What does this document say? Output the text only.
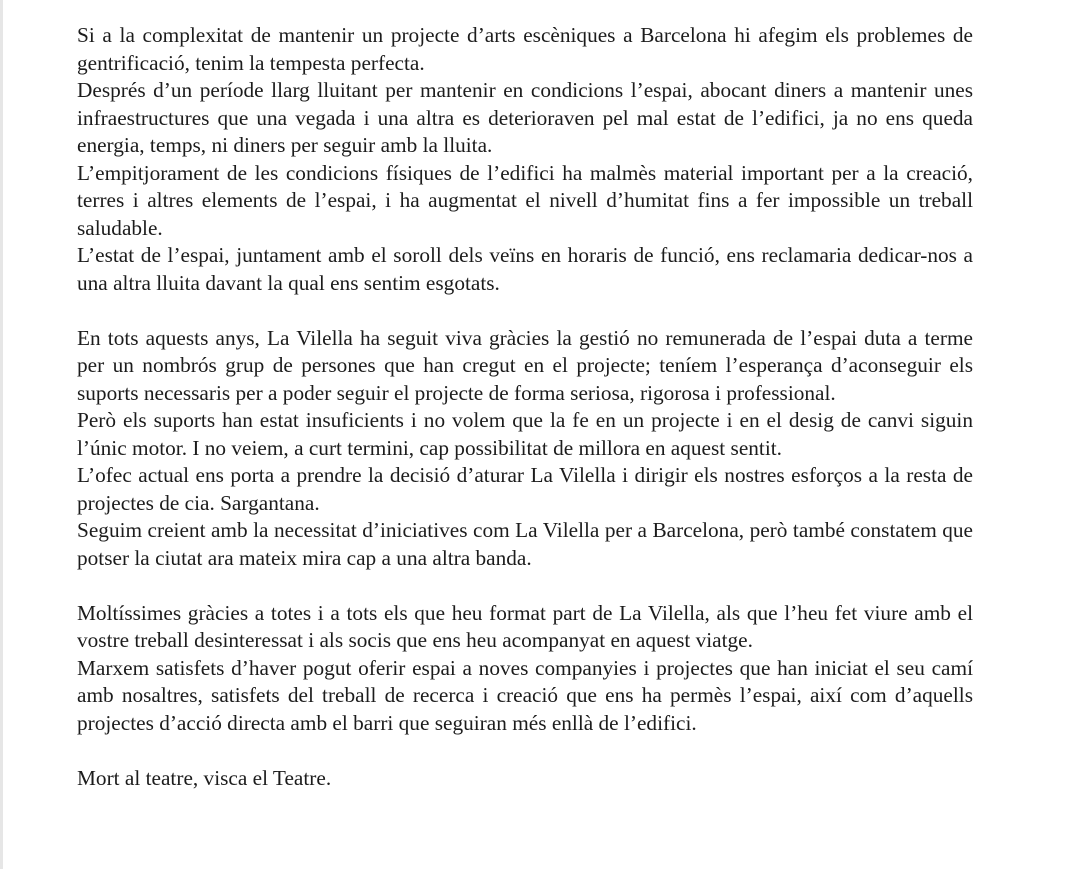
Si a la complexitat de mantenir un projecte d’arts escèniques a Barcelona hi afegim els problemes de gentrificació, tenim la tempesta perfecta.

Després d’un període llarg lluitant per mantenir en condicions l’espai, abocant diners a mantenir unes infraestructures que una vegada i una altra es deterioraven pel mal estat de l’edifici, ja no ens queda energia, temps, ni diners per seguir amb la lluita.

L’empitjorament de les condicions físiques de l’edifici ha malmès material important per a la creació, terres i altres elements de l’espai, i ha augmentat el nivell d’humitat fins a fer impossible un treball saludable.

L’estat de l’espai, juntament amb el soroll dels veïns en horaris de funció, ens reclamaria dedicar-nos a una altra lluita davant la qual ens sentim esgotats.

En tots aquests anys, La Vilella ha seguit viva gràcies la gestió no remunerada de l’espai duta a terme per un nombrós grup de persones que han cregut en el projecte; teníem l’esperança d’aconseguir els suports necessaris per a poder seguir el projecte de forma seriosa, rigorosa i professional.

Però els suports han estat insuficients i no volem que la fe en un projecte i en el desig de canvi siguin l’únic motor. I no veiem, a curt termini, cap possibilitat de millora en aquest sentit.

L’ofec actual ens porta a prendre la decisió d’aturar La Vilella i dirigir els nostres esforços a la resta de projectes de cia. Sargantana.

Seguim creient amb la necessitat d’iniciatives com La Vilella per a Barcelona, però també constatem que potser la ciutat ara mateix mira cap a una altra banda.

Moltíssimes gràcies a totes i a tots els que heu format part de La Vilella, als que l’heu fet viure amb el vostre treball desinteressat i als socis que ens heu acompanyat en aquest viatge.

Marxem satisfets d’haver pogut oferir espai a noves companyies i projectes que han iniciat el seu camí amb nosaltres, satisfets del treball de recerca i creació que ens ha permès l’espai, així com d’aquells projectes d’acció directa amb el barri que seguiran més enllà de l’edifici.

Mort al teatre, visca el Teatre.
